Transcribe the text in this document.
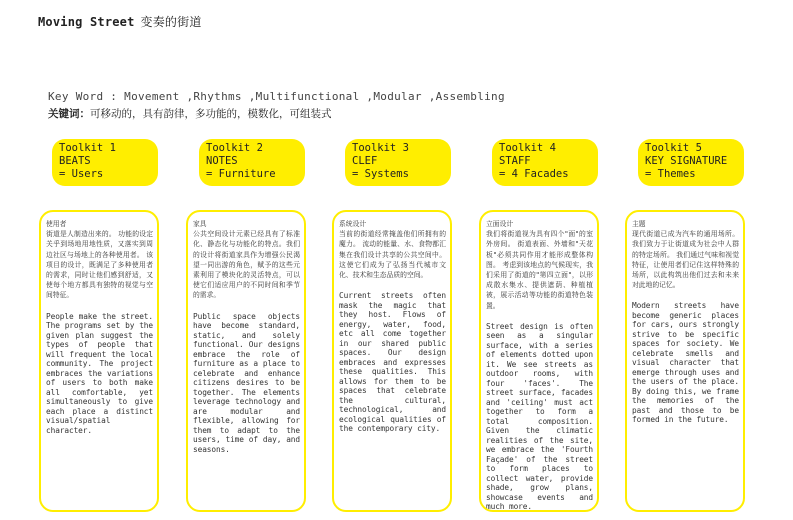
Moving Street 变奏的街道
Key Word : Movement ,Rhythms ,Multifunctional ,Modular ,Assembling
关键词：可移动的，具有韵律，多功能的，模数化，可组装式
Toolkit 1
BEATS
= Users
Toolkit 2
NOTES
= Furniture
Toolkit 3
CLEF
= Systems
Toolkit 4
STAFF
= 4 Facades
Toolkit 5
KEY SIGNATURE
= Themes

使用者
街道是人制造出来的。 功能的设定关乎到场地用地性质，又落实到周边社区与场地上的各种使用者。 该项目的设计，既满足了多种使用者的需求，同时让他们感到舒适，又使每个地方都具有独特的视觉与空间特征。

People make the street. The programs set by the given plan suggest the types of people that will frequent the local community. The project embraces the variations of users to both make all comfortable, yet simultaneously to give each place a distinct visual/spatial character.

家具
公共空间设计元素已经具有了标准化、静态化与功能化的特点。我们的设计将街道家具作为增强公民渴望一同出游的角色，赋予的这些元素利用了模块化的灵活特点，可以使它们适应用户的不同时间和季节的需求。

Public space objects have become standard, static, and solely functional. Our designs embrace the role of furniture as a place to celebrate and enhance citizens desires to be together. The elements leverage technology and are modular and flexible, allowing for them to adapt to the users, time of day, and seasons.

系统设计
当前的街道经常掩盖他们所拥有的魔力。 流动的能量、水、食物都汇集在我们设计共享的公共空间中。 这使它们成为了弘扬当代城市文化、技术和生态品质的空间。

Current streets often mask the magic that they host. Flows of energy, water, food, etc all come together in our shared public spaces. Our design embraces and expresses these qualities. This allows for them to be spaces that celebrate the cultural, technological, and ecological qualities of the contemporary city.

立面设计
我们将街道视为具有四个"面"的室外房间。 街道表面、外墙和"天花板"必须共同作用才能形成整体构图。 考虑到该地点的气候现实，我们采用了街道的"第四立面"，以形成散水集水、提供遮荫、种植植被，展示活动等功能的街道特色装置。

Street design is often seen as a singular surface, with a series of elements dotted upon it. We see streets as outdoor rooms, with four 'faces'. The street surface, facades and 'ceiling' must act together to form a total composition. Given the climatic realities of the site, we embrace the 'Fourth Façade' of the street to form places to collect water, provide shade, grow plans, showcase events and much more.

主题
现代街道已成为汽车的通用场所。我们致力于让街道成为社会中人群的特定场所。 我们通过气味和视觉特征，让使用者们记住这样特殊的场所，以此构筑出他们过去和未来对此地的记忆。

Modern streets have become generic places for cars, ours strongly strive to be specific spaces for society. We celebrate smells and visual character that emerge through uses and the users of the place. By doing this, we frame the memories of the past and those to be formed in the future.
